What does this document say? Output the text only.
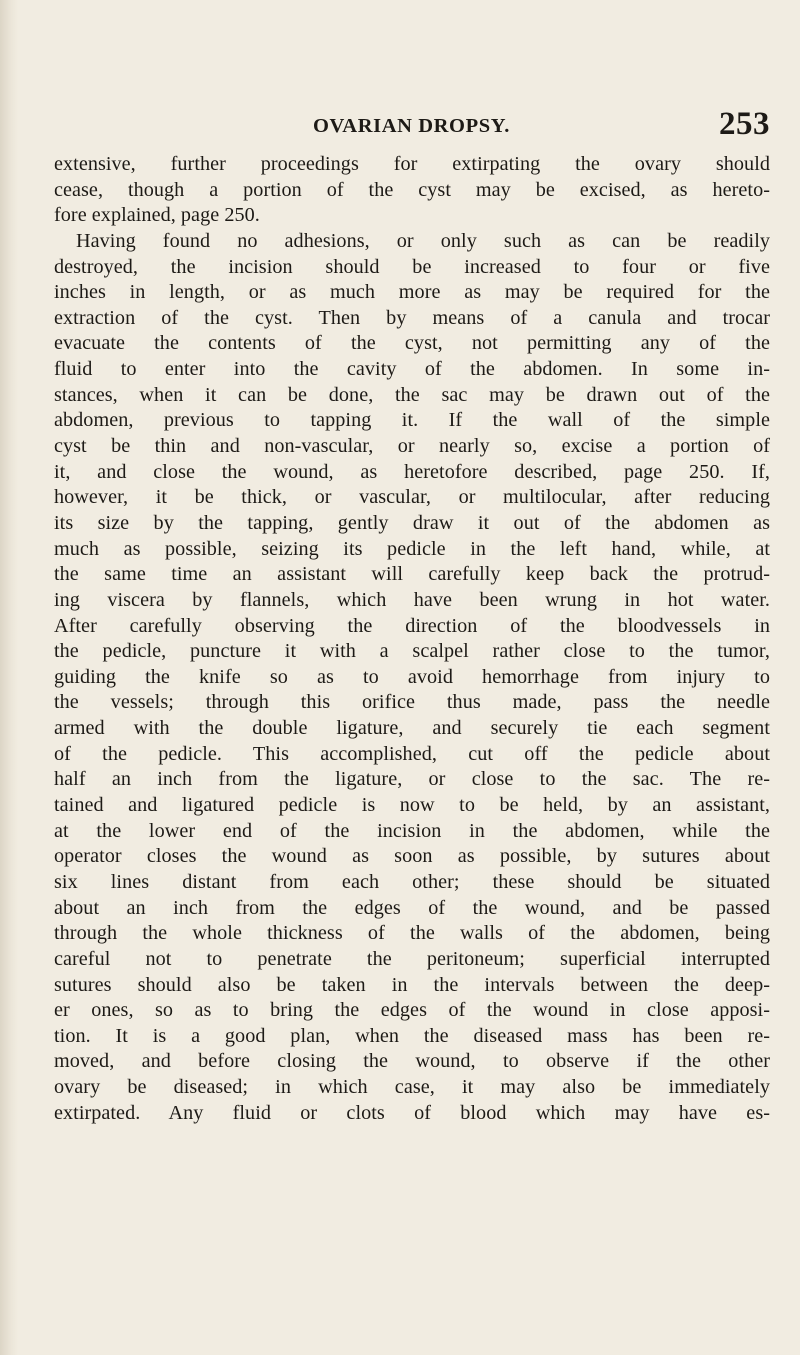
OVARIAN DROPSY.	253
extensive, further proceedings for extirpating the ovary should
cease, though a portion of the cyst may be excised, as hereto-
fore explained, page 250.
Having found no adhesions, or only such as can be readily
destroyed, the incision should be increased to four or five
inches in length, or as much more as may be required for the
extraction of the cyst. Then by means of a canula and trocar
evacuate the contents of the cyst, not permitting any of the
fluid to enter into the cavity of the abdomen. In some in-
stances, when it can be done, the sac may be drawn out of the
abdomen, previous to tapping it. If the wall of the simple
cyst be thin and non-vascular, or nearly so, excise a portion of
it, and close the wound, as heretofore described, page 250. If,
however, it be thick, or vascular, or multilocular, after reducing
its size by the tapping, gently draw it out of the abdomen as
much as possible, seizing its pedicle in the left hand, while, at
the same time an assistant will carefully keep back the protrud-
ing viscera by flannels, which have been wrung in hot water.
After carefully observing the direction of the bloodvessels in
the pedicle, puncture it with a scalpel rather close to the tumor,
guiding the knife so as to avoid hemorrhage from injury to
the vessels; through this orifice thus made, pass the needle
armed with the double ligature, and securely tie each segment
of the pedicle. This accomplished, cut off the pedicle about
half an inch from the ligature, or close to the sac. The re-
tained and ligatured pedicle is now to be held, by an assistant,
at the lower end of the incision in the abdomen, while the
operator closes the wound as soon as possible, by sutures about
six lines distant from each other; these should be situated
about an inch from the edges of the wound, and be passed
through the whole thickness of the walls of the abdomen, being
careful not to penetrate the peritoneum; superficial interrupted
sutures should also be taken in the intervals between the deep-
er ones, so as to bring the edges of the wound in close apposi-
tion. It is a good plan, when the diseased mass has been re-
moved, and before closing the wound, to observe if the other
ovary be diseased; in which case, it may also be immediately
extirpated. Any fluid or clots of blood which may have es-
